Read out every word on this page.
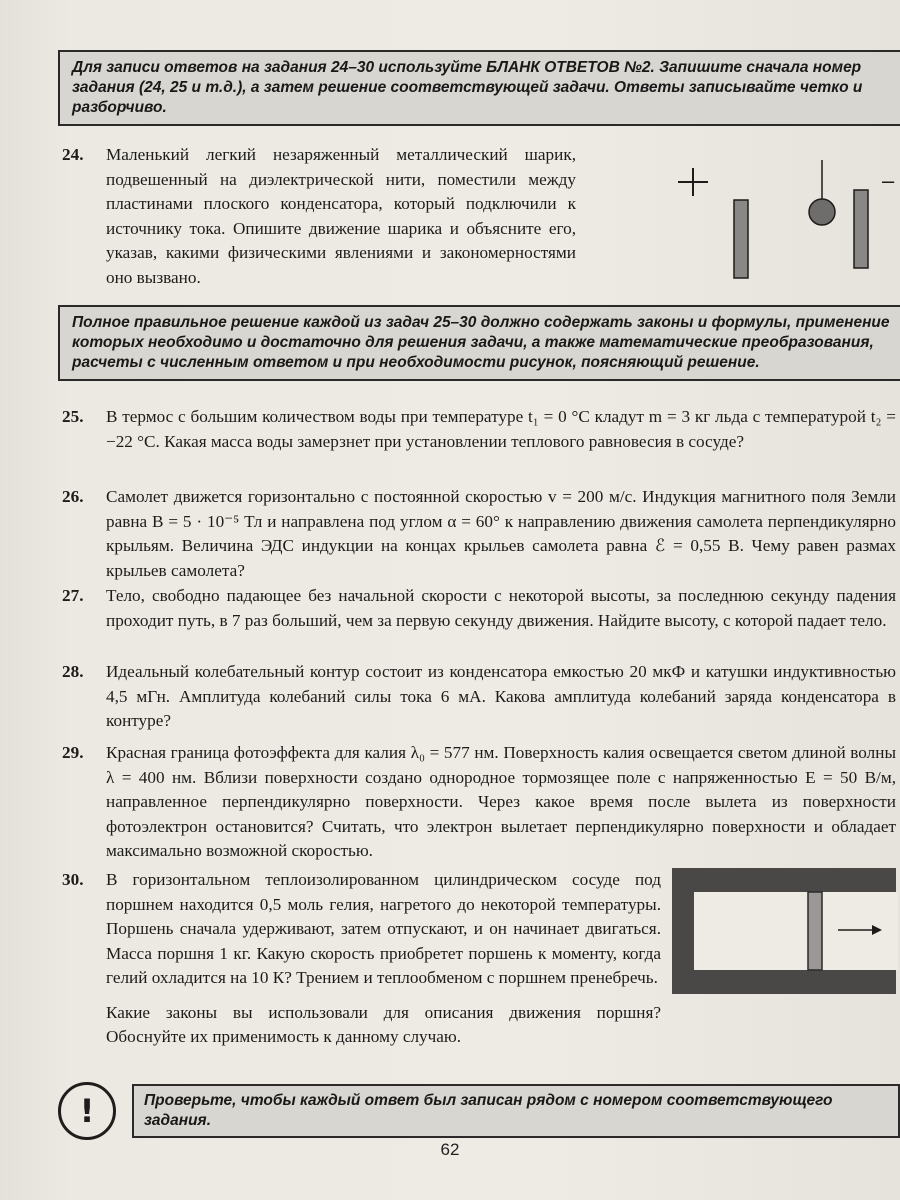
Для записи ответов на задания 24–30 используйте БЛАНК ОТВЕТОВ №2. Запишите сначала номер задания (24, 25 и т.д.), а затем решение соответствующей задачи. Ответы записывайте четко и разборчиво.
24.	Маленький легкий незаряженный металлический шарик, подвешенный на диэлектрической нити, поместили между пластинами плоского конденсатора, который подключили к источнику тока. Опишите движение шарика и объясните его, указав, какими физическими явлениями и закономерностями оно вызвано.

–
Полное правильное решение каждой из задач 25–30 должно содержать законы и формулы, применение которых необходимо и достаточно для решения задачи, а также математические преобразования, расчеты с численным ответом и при необходимости рисунок, поясняющий решение.
25.	В термос с большим количеством воды при температуре t₁ = 0 °С кладут m = 3 кг льда с температурой t₂ = −22 °С. Какая масса воды замерзнет при установлении теплового равновесия в сосуде?

26.	Самолет движется горизонтально с постоянной скоростью v = 200 м/с. Индукция магнитного поля Земли равна B = 5 · 10⁻⁵ Тл и направлена под углом α = 60° к направлению движения самолета перпендикулярно крыльям. Величина ЭДС индукции на концах крыльев самолета равна ℰ = 0,55 В. Чему равен размах крыльев самолета?

27.	Тело, свободно падающее без начальной скорости с некоторой высоты, за последнюю секунду падения проходит путь, в 7 раз больший, чем за первую секунду движения. Найдите высоту, с которой падает тело.

28.	Идеальный колебательный контур состоит из конденсатора емкостью 20 мкФ и катушки индуктивностью 4,5 мГн. Амплитуда колебаний силы тока 6 мА. Какова амплитуда колебаний заряда конденсатора в контуре?

29.	Красная граница фотоэффекта для калия λ₀ = 577 нм. Поверхность калия освещается светом длиной волны λ = 400 нм. Вблизи поверхности создано однородное тормозящее поле с напряженностью E = 50 В/м, направленное перпендикулярно поверхности. Через какое время после вылета из поверхности фотоэлектрон остановится? Считать, что электрон вылетает перпендикулярно поверхности и обладает максимально возможной скоростью.

30.	В горизонтальном теплоизолированном цилиндрическом сосуде под поршнем находится 0,5 моль гелия, нагретого до некоторой температуры. Поршень сначала удерживают, затем отпускают, и он начинает двигаться. Масса поршня 1 кг. Какую скорость приобретет поршень к моменту, когда гелий охладится на 10 К? Трением и теплообменом с поршнем пренебречь.

Какие законы вы использовали для описания движения поршня? Обоснуйте их применимость к данному случаю.

!	Проверьте, чтобы каждый ответ был записан рядом с номером соответствующего задания.
62
